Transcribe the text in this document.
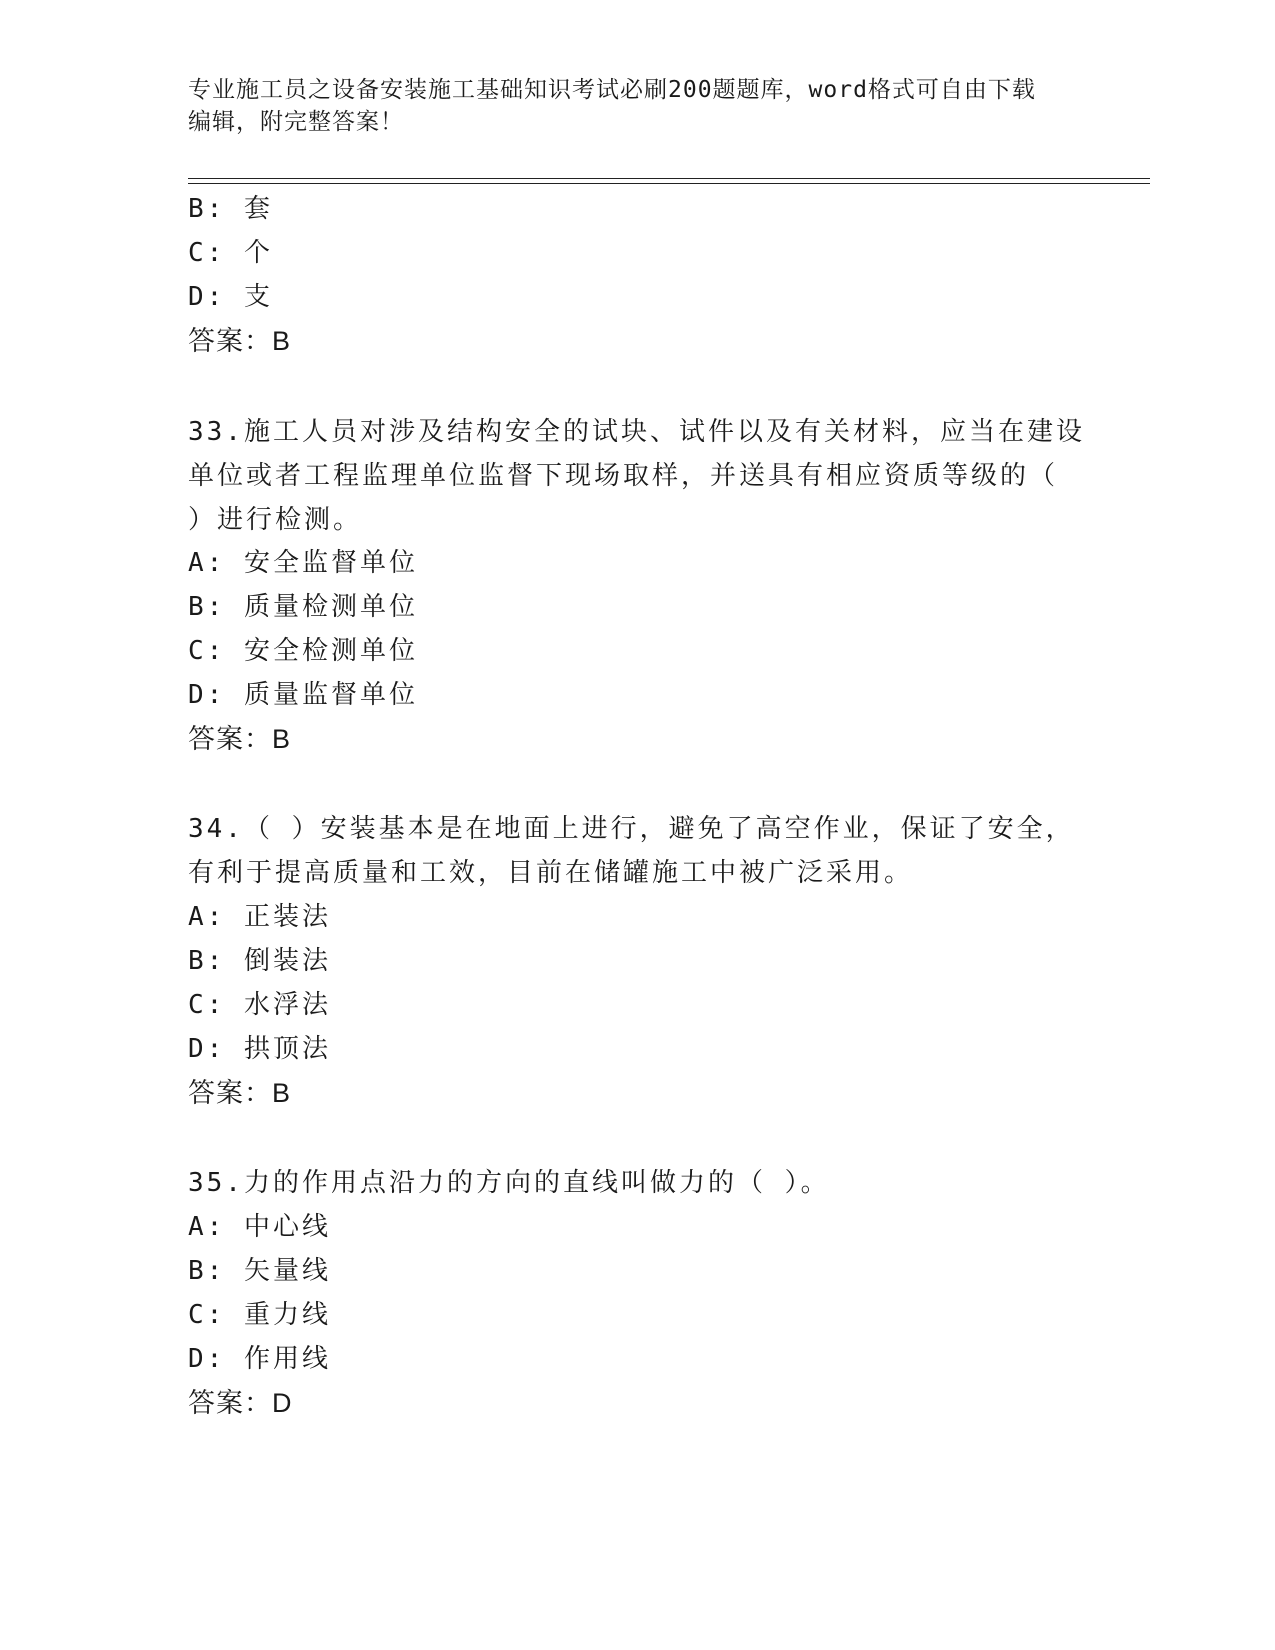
专业施工员之设备安装施工基础知识考试必刷200题题库，word格式可自由下载
编辑，附完整答案！
B: 套
C: 个
D: 支
答案：B
33.施工人员对涉及结构安全的试块、试件以及有关材料，应当在建设
单位或者工程监理单位监督下现场取样，并送具有相应资质等级的（
）进行检测。
A: 安全监督单位
B: 质量检测单位
C: 安全检测单位
D: 质量监督单位
答案：B
34.（ ）安装基本是在地面上进行，避免了高空作业，保证了安全，
有利于提高质量和工效，目前在储罐施工中被广泛采用。
A: 正装法
B: 倒装法
C: 水浮法
D: 拱顶法
答案：B
35.力的作用点沿力的方向的直线叫做力的（ ）。
A: 中心线
B: 矢量线
C: 重力线
D: 作用线
答案：D
